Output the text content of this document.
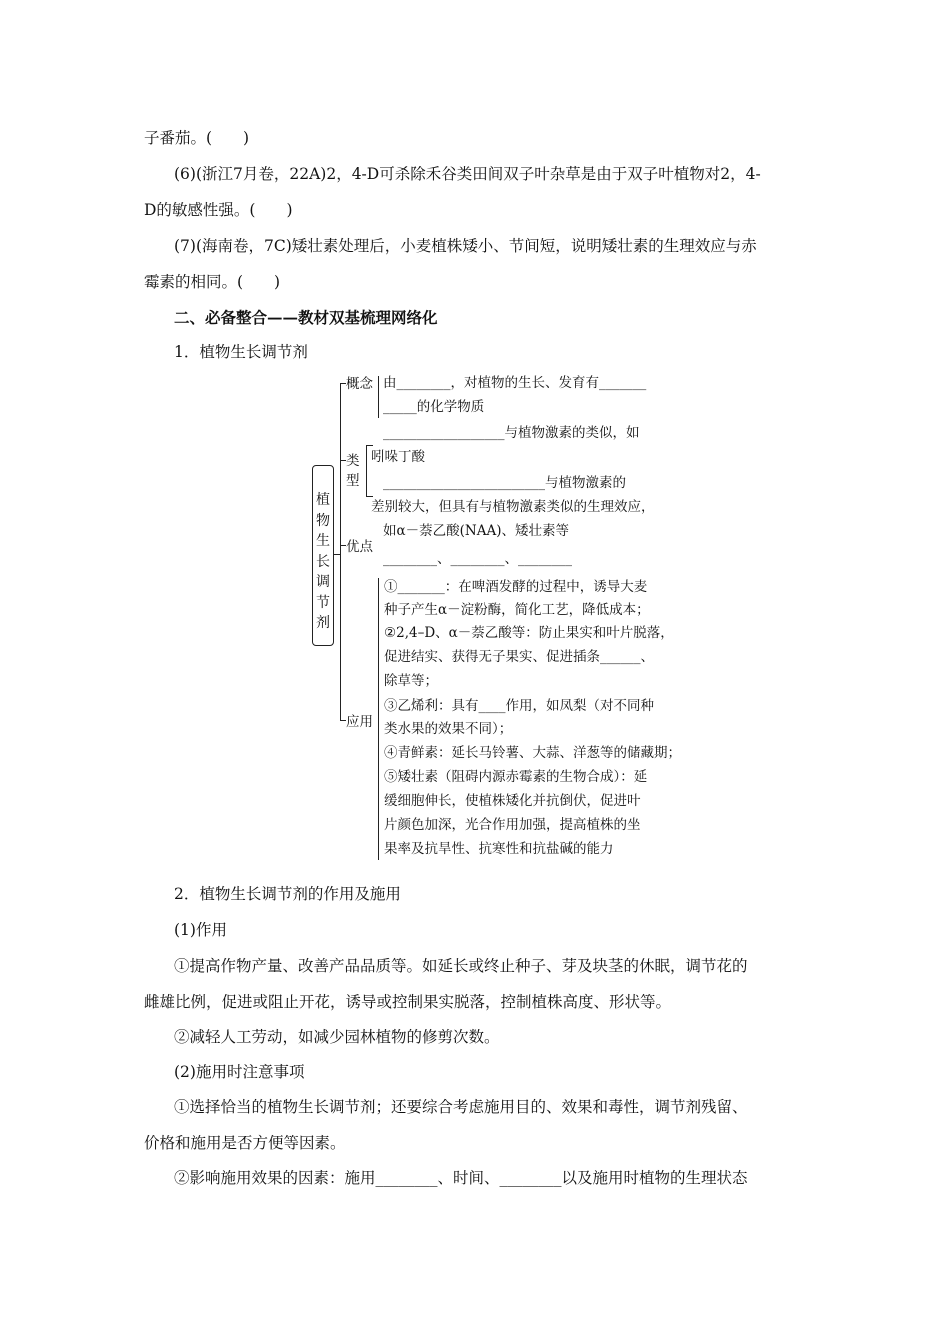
子番茄。(　　)
(6)(浙江7月卷，22A)2，4-D可杀除禾谷类田间双子叶杂草是由于双子叶植物对2，4-
D的敏感性强。(　　)
(7)(海南卷，7C)矮壮素处理后，小麦植株矮小、节间短，说明矮壮素的生理效应与赤
霉素的相同。(　　)
二、必备整合——教材双基梳理网络化
1．植物生长调节剂
植物生长调节剂
概念 由________，对植物的生长、发育有_______
_____的化学物质
类型
__________________与植物激素的类似，如
吲哚丁酸
________________________与植物激素的
差别较大，但具有与植物激素类似的生理效应，
如α－萘乙酸(NAA)、矮壮素等
优点
________、________、________
应用
①_______：在啤酒发酵的过程中，诱导大麦
种子产生α－淀粉酶，简化工艺，降低成本；
②2,4–D、α－萘乙酸等：防止果实和叶片脱落，
促进结实、获得无子果实、促进插条______、
除草等；
③乙烯利：具有____作用，如凤梨（对不同种
类水果的效果不同）；
④青鲜素：延长马铃薯、大蒜、洋葱等的储藏期；
⑤矮壮素（阻碍内源赤霉素的生物合成）：延
缓细胞伸长，使植株矮化并抗倒伏，促进叶
片颜色加深，光合作用加强，提高植株的坐
果率及抗旱性、抗寒性和抗盐碱的能力
2．植物生长调节剂的作用及施用
(1)作用
①提高作物产量、改善产品品质等。如延长或终止种子、芽及块茎的休眠，调节花的
雌雄比例，促进或阻止开花，诱导或控制果实脱落，控制植株高度、形状等。
②减轻人工劳动，如减少园林植物的修剪次数。
(2)施用时注意事项
①选择恰当的植物生长调节剂；还要综合考虑施用目的、效果和毒性，调节剂残留、
价格和施用是否方便等因素。
②影响施用效果的因素：施用________、时间、________以及施用时植物的生理状态
